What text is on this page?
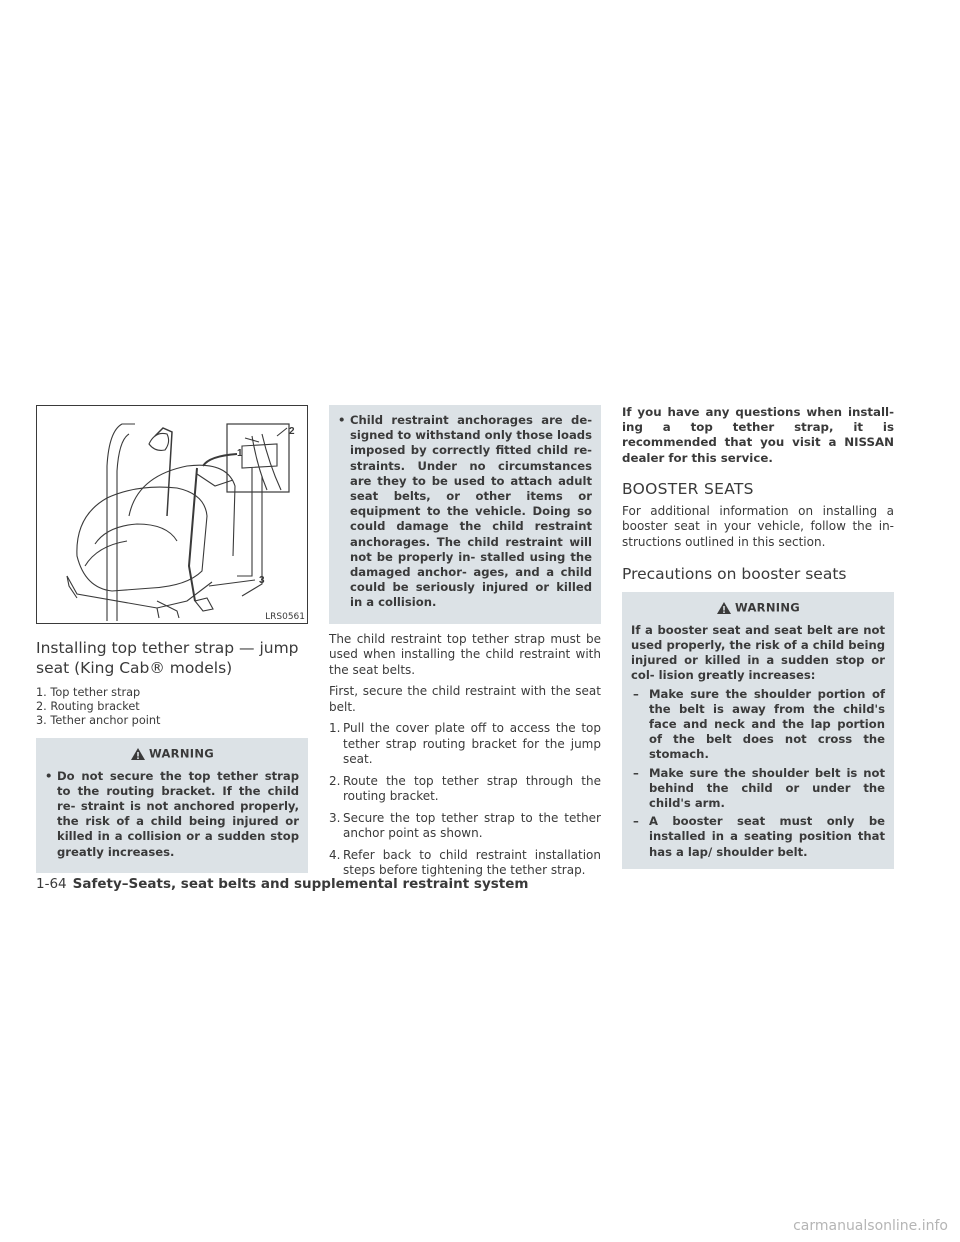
1
2
3
LRS0561
Installing top tether strap — jump
seat (King Cab® models)
1. Top tether strap
2. Routing bracket
3. Tether anchor point
WARNING
• Do not secure the top tether strap to the routing bracket. If the child re- straint is not anchored properly, the risk of a child being injured or killed in a collision or a sudden stop greatly increases.
• Child restraint anchorages are de- signed to withstand only those loads imposed by correctly fitted child re- straints. Under no circumstances are they to be used to attach adult seat belts, or other items or equipment to the vehicle. Doing so could damage the child restraint anchorages. The child restraint will not be properly in- stalled using the damaged anchor- ages, and a child could be seriously injured or killed in a collision.

The child restraint top tether strap must be used when installing the child restraint with the seat belts.

First, secure the child restraint with the seat belt.

1. Pull the cover plate off to access the top tether strap routing bracket for the jump seat.
2. Route the top tether strap through the routing bracket.
3. Secure the top tether strap to the tether anchor point as shown.
4. Refer back to child restraint installation steps before tightening the tether strap.

If you have any questions when install- ing a top tether strap, it is recommended that you visit a NISSAN dealer for this service.

BOOSTER SEATS

For additional information on installing a booster seat in your vehicle, follow the in- structions outlined in this section.

Precautions on booster seats
WARNING
If a booster seat and seat belt are not used properly, the risk of a child being injured or killed in a sudden stop or col- lision greatly increases:
– Make sure the shoulder portion of the belt is away from the child's face and neck and the lap portion of the belt does not cross the stomach.
– Make sure the shoulder belt is not behind the child or under the child's arm.
– A booster seat must only be installed in a seating position that has a lap/ shoulder belt.
1-64 Safety–Seats, seat belts and supplemental restraint system
carmanualsonline.info
